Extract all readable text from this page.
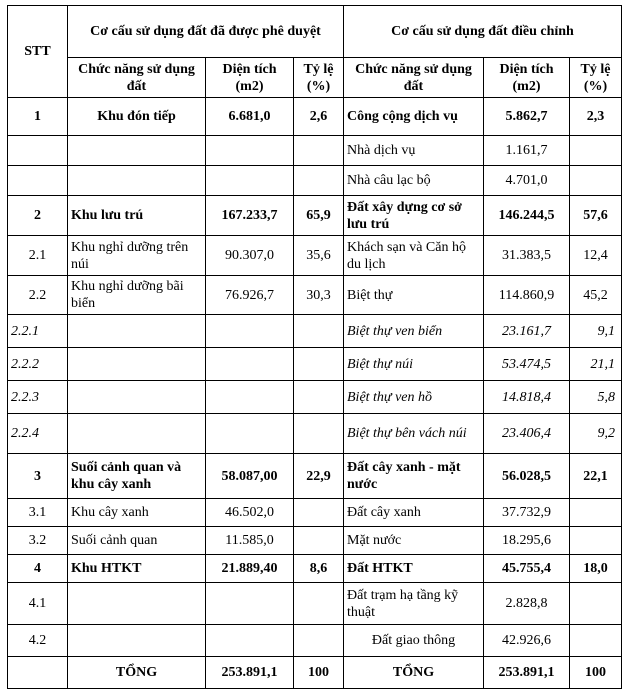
STT	Cơ cấu sử dụng đất đã được phê duyệt			Cơ cấu sử dụng đất điều chỉnh		
	Chức năng sử dụng đất	Diện tích (m2)	Tỷ lệ (%)	Chức năng sử dụng đất	Diện tích (m2)	Tỷ lệ (%)
1	Khu đón tiếp	6.681,0	2,6	Công cộng dịch vụ	5.862,7	2,3
				Nhà dịch vụ	1.161,7	
				Nhà câu lạc bộ	4.701,0	
2	Khu lưu trú	167.233,7	65,9	Đất xây dựng cơ sở lưu trú	146.244,5	57,6
2.1	Khu nghỉ dưỡng trên núi	90.307,0	35,6	Khách sạn và Căn hộ du lịch	31.383,5	12,4
2.2	Khu nghỉ dưỡng bãi biển	76.926,7	30,3	Biệt thự	114.860,9	45,2
2.2.1				Biệt thự ven biển	23.161,7	9,1
2.2.2				Biệt thự núi	53.474,5	21,1
2.2.3				Biệt thự ven hồ	14.818,4	5,8
2.2.4				Biệt thự bên vách núi	23.406,4	9,2
3	Suối cảnh quan và khu cây xanh	58.087,00	22,9	Đất cây xanh - mặt nước	56.028,5	22,1
3.1	Khu cây xanh	46.502,0		Đất cây xanh	37.732,9	
3.2	Suối cảnh quan	11.585,0		Mặt nước	18.295,6	
4	Khu HTKT	21.889,40	8,6	Đất HTKT	45.755,4	18,0
4.1				Đất trạm hạ tầng kỹ thuật	2.828,8	
4.2				Đất giao thông	42.926,6	
	TỔNG	253.891,1	100	TỔNG	253.891,1	100
